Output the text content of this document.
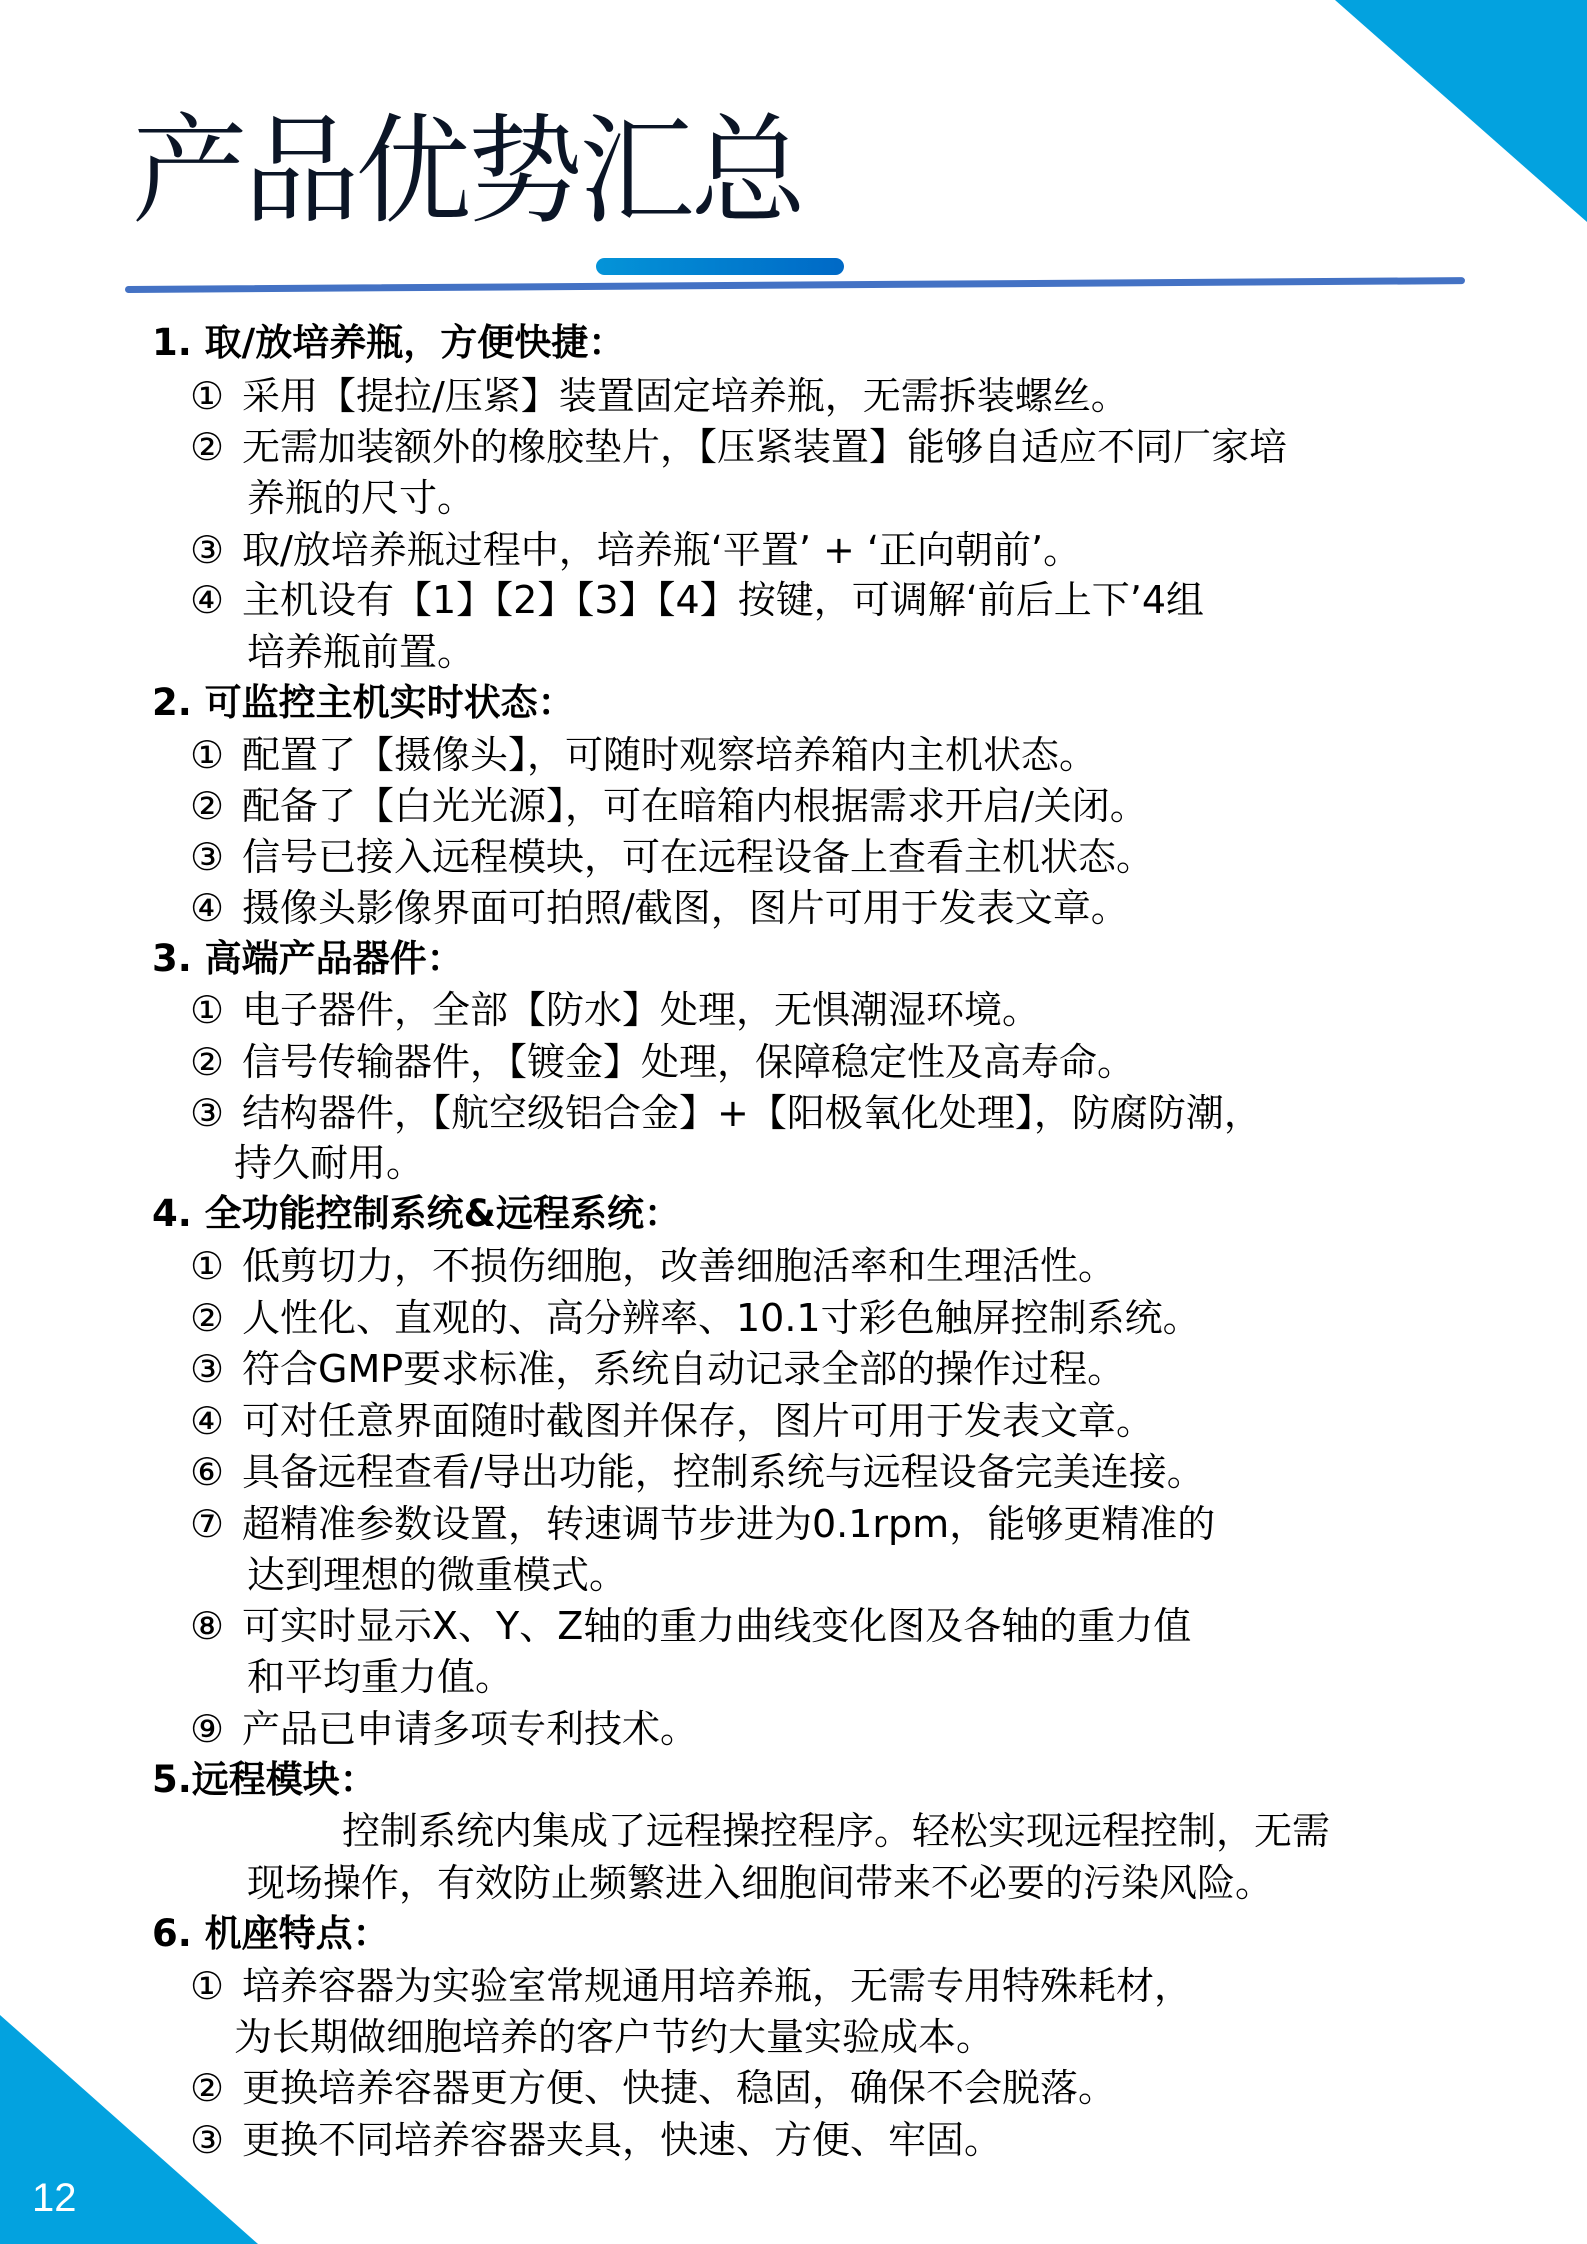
12
产品优势汇总
1. 取/放培养瓶，方便快捷：
① 采用【提拉/压紧】装置固定培养瓶，无需拆装螺丝。
② 无需加装额外的橡胶垫片，【压紧装置】能够自适应不同厂家培
养瓶的尺寸。
③ 取/放培养瓶过程中，培养瓶‘平置’ + ‘正向朝前’。
④ 主机设有【1】【2】【3】【4】按键，可调解‘前后上下’4组
培养瓶前置。
2. 可监控主机实时状态：
① 配置了【摄像头】，可随时观察培养箱内主机状态。
② 配备了【白光光源】，可在暗箱内根据需求开启/关闭。
③ 信号已接入远程模块，可在远程设备上查看主机状态。
④ 摄像头影像界面可拍照/截图，图片可用于发表文章。
3. 高端产品器件：
① 电子器件，全部【防水】处理，无惧潮湿环境。
② 信号传输器件，【镀金】处理，保障稳定性及高寿命。
③ 结构器件，【航空级铝合金】+【阳极氧化处理】，防腐防潮，
持久耐用。
4. 全功能控制系统&远程系统：
① 低剪切力，不损伤细胞，改善细胞活率和生理活性。
② 人性化、直观的、高分辨率、10.1寸彩色触屏控制系统。
③ 符合GMP要求标准，系统自动记录全部的操作过程。
④ 可对任意界面随时截图并保存，图片可用于发表文章。
⑥ 具备远程查看/导出功能，控制系统与远程设备完美连接。
⑦ 超精准参数设置，转速调节步进为0.1rpm，能够更精准的
达到理想的微重模式。
⑧ 可实时显示X、Y、Z轴的重力曲线变化图及各轴的重力值
和平均重力值。
⑨ 产品已申请多项专利技术。
5.远程模块：
控制系统内集成了远程操控程序。轻松实现远程控制，无需
现场操作，有效防止频繁进入细胞间带来不必要的污染风险。
6. 机座特点：
① 培养容器为实验室常规通用培养瓶，无需专用特殊耗材，
为长期做细胞培养的客户节约大量实验成本。
② 更换培养容器更方便、快捷、稳固，确保不会脱落。
③ 更换不同培养容器夹具，快速、方便、牢固。
